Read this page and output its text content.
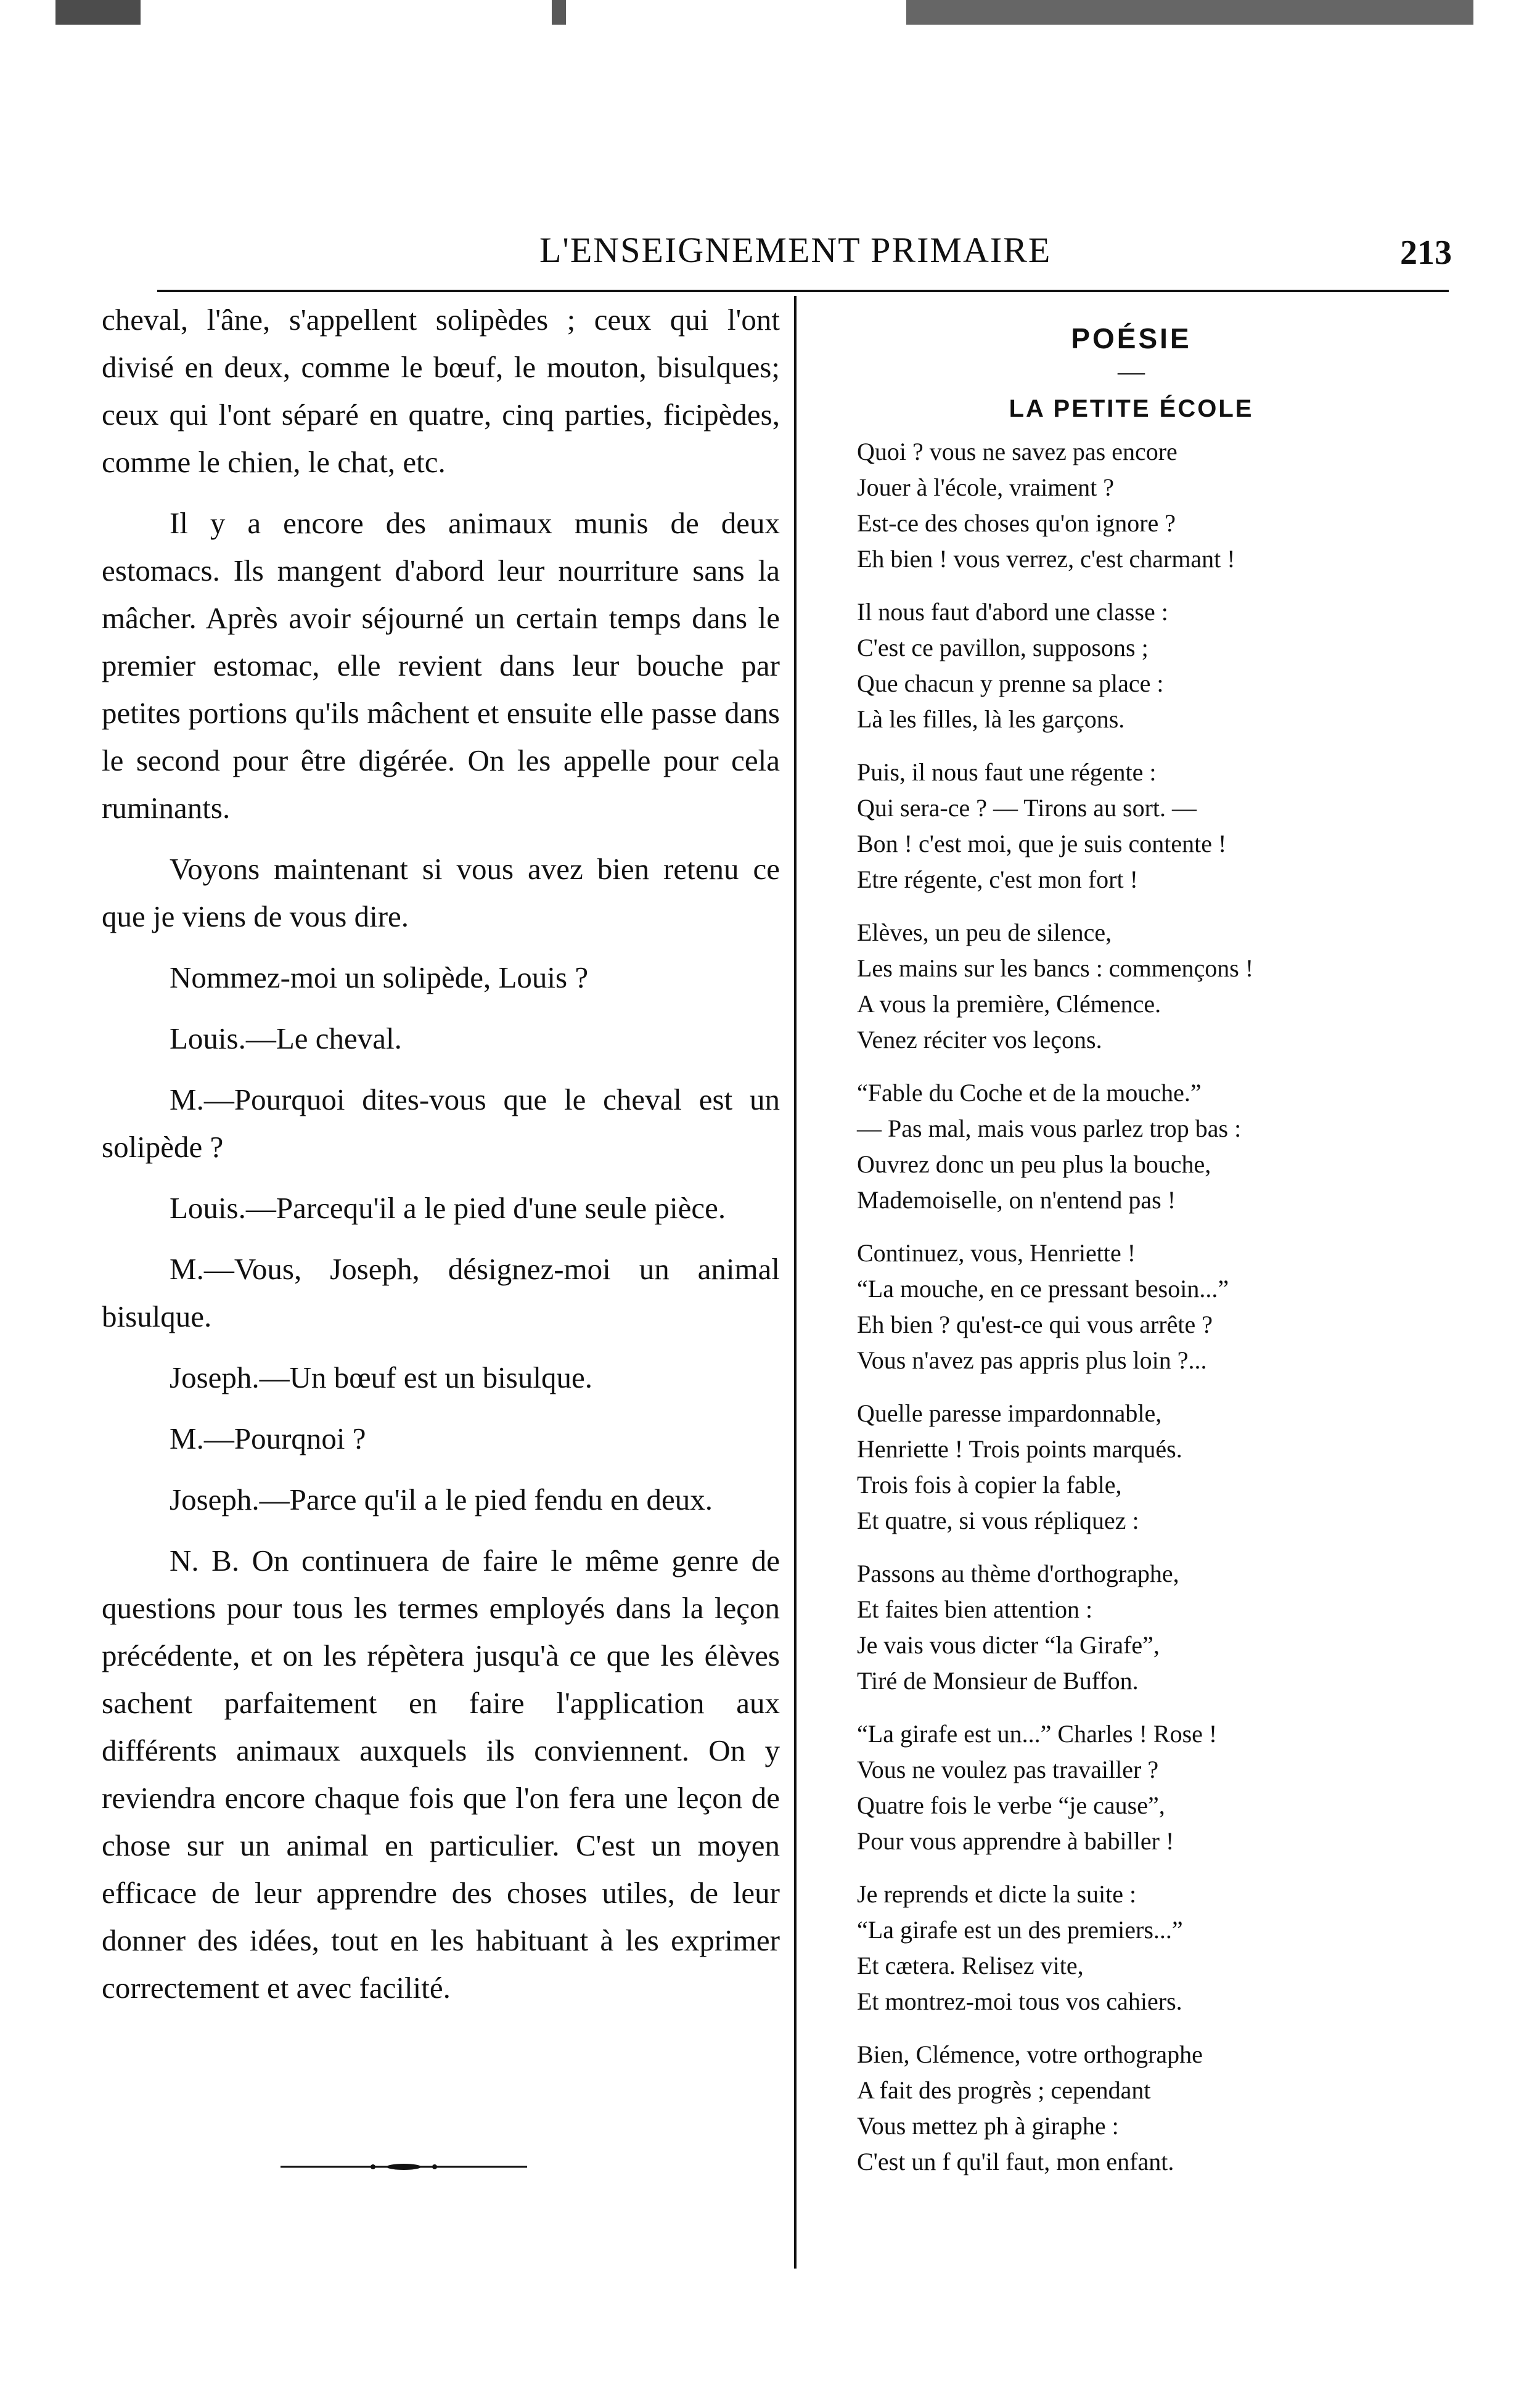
L'ENSEIGNEMENT PRIMAIRE	213

cheval, l'âne, s'appellent solipèdes ; ceux qui l'ont divisé en deux, comme le bœuf, le mouton, bisulques; ceux qui l'ont séparé en quatre, cinq parties, ficipèdes, comme le chien, le chat, etc.

Il y a encore des animaux munis de deux estomacs. Ils mangent d'abord leur nourriture sans la mâcher. Après avoir séjourné un certain temps dans le premier estomac, elle revient dans leur bouche par petites portions qu'ils mâchent et ensuite elle passe dans le second pour être digérée. On les appelle pour cela ruminants.

Voyons maintenant si vous avez bien retenu ce que je viens de vous dire.

Nommez-moi un solipède, Louis ?

Louis.—Le cheval.

M.—Pourquoi dites-vous que le cheval est un solipède ?

Louis.—Parcequ'il a le pied d'une seule pièce.

M.—Vous, Joseph, désignez-moi un animal bisulque.

Joseph.—Un bœuf est un bisulque.

M.—Pourqnoi ?

Joseph.—Parce qu'il a le pied fendu en deux.

N. B. On continuera de faire le même genre de questions pour tous les termes employés dans la leçon précédente, et on les répètera jusqu'à ce que les élèves sachent parfaitement en faire l'application aux différents animaux auxquels ils conviennent. On y reviendra encore chaque fois que l'on fera une leçon de chose sur un animal en particulier. C'est un moyen efficace de leur apprendre des choses utiles, de leur donner des idées, tout en les habituant à les exprimer correctement et avec facilité.

POÉSIE
—
LA PETITE ÉCOLE
Quoi ? vous ne savez pas encore
Jouer à l'école, vraiment ?
Est-ce des choses qu'on ignore ?
Eh bien ! vous verrez, c'est charmant !
Il nous faut d'abord une classe :
C'est ce pavillon, supposons ;
Que chacun y prenne sa place :
Là les filles, là les garçons.
Puis, il nous faut une régente :
Qui sera-ce ? — Tirons au sort. —
Bon ! c'est moi, que je suis contente !
Etre régente, c'est mon fort !
Elèves, un peu de silence,
Les mains sur les bancs : commençons !
A vous la première, Clémence.
Venez réciter vos leçons.
“Fable du Coche et de la mouche.”
— Pas mal, mais vous parlez trop bas :
Ouvrez donc un peu plus la bouche,
Mademoiselle, on n'entend pas !
Continuez, vous, Henriette !
“La mouche, en ce pressant besoin...”
Eh bien ? qu'est-ce qui vous arrête ?
Vous n'avez pas appris plus loin ?...
Quelle paresse impardonnable,
Henriette ! Trois points marqués.
Trois fois à copier la fable,
Et quatre, si vous répliquez :
Passons au thème d'orthographe,
Et faites bien attention :
Je vais vous dicter “la Girafe”,
Tiré de Monsieur de Buffon.
“La girafe est un...” Charles ! Rose !
Vous ne voulez pas travailler ?
Quatre fois le verbe “je cause”,
Pour vous apprendre à babiller !
Je reprends et dicte la suite :
“La girafe est un des premiers...”
Et cætera. Relisez vite,
Et montrez-moi tous vos cahiers.
Bien, Clémence, votre orthographe
A fait des progrès ; cependant
Vous mettez ph à giraphe :
C'est un f qu'il faut, mon enfant.
